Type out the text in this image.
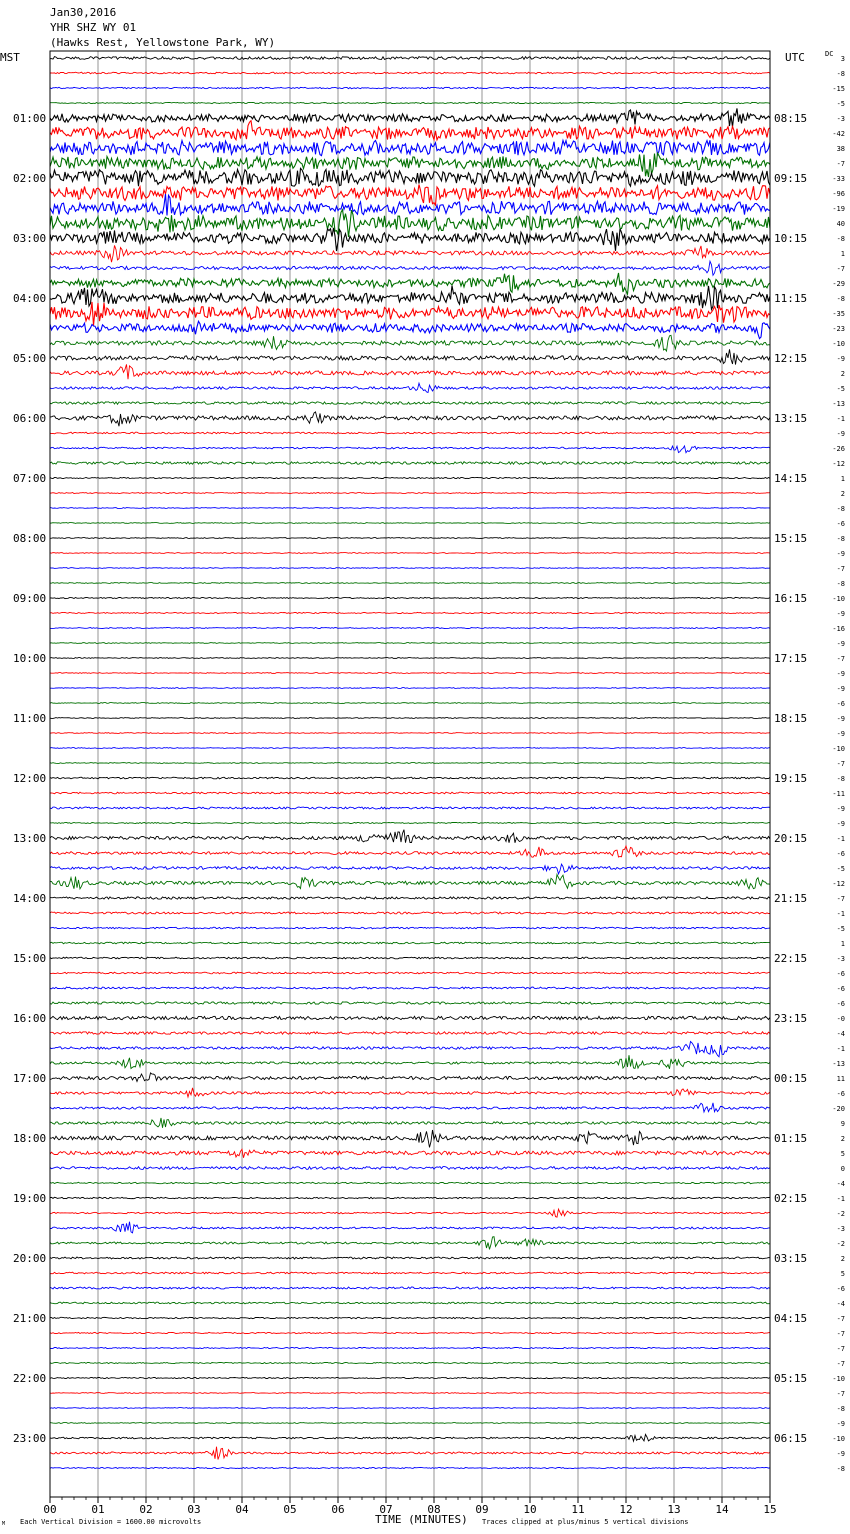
Jan30,2016
YHR SHZ WY 01
(Hawks Rest, Yellowstone Park, WY)
MST	UTC	DC
01:00
02:00
03:00
04:00
05:00
06:00
07:00
08:00
09:00
10:00
11:00
12:00
13:00
14:00
15:00
16:00
17:00
18:00
19:00
20:00
21:00
22:00
23:00
08:15
09:15
10:15
11:15
12:15
13:15
14:15
15:15
16:15
17:15
18:15
19:15
20:15
21:15
22:15
23:15
00:15
01:15
02:15
03:15
04:15
05:15
06:15
3
-8
-15
-5
-3
-42
38
-7
-33
-96
-19
40
-8
1
-7
-29
-8
-35
-23
-10
-9
2
-5
-13
-1
-9
-26
-12
1
2
-8
-6
-8
-9
-7
-8
-10
-9
-16
-9
-7
-9
-9
-6
-9
-9
-10
-7
-8
-11
-9
-9
-1
-6
-5
-12
-7
-1
-5
1
-3
-6
-6
-6
-0
-4
-1
-13
11
-6
-20
9
2
5
0
-4
-1
-2
-3
-2
2
5
-6
-4
-7
-7
-7
-7
-10
-7
-8
-9
-10
-9
-8
00	01	02	03	04	05	06	07	08	09	10	11	12	13	14	15
TIME (MINUTES)
Each Vertical Division = 1600.00 microvolts	Traces clipped at plus/minus 5 vertical divisions
M
